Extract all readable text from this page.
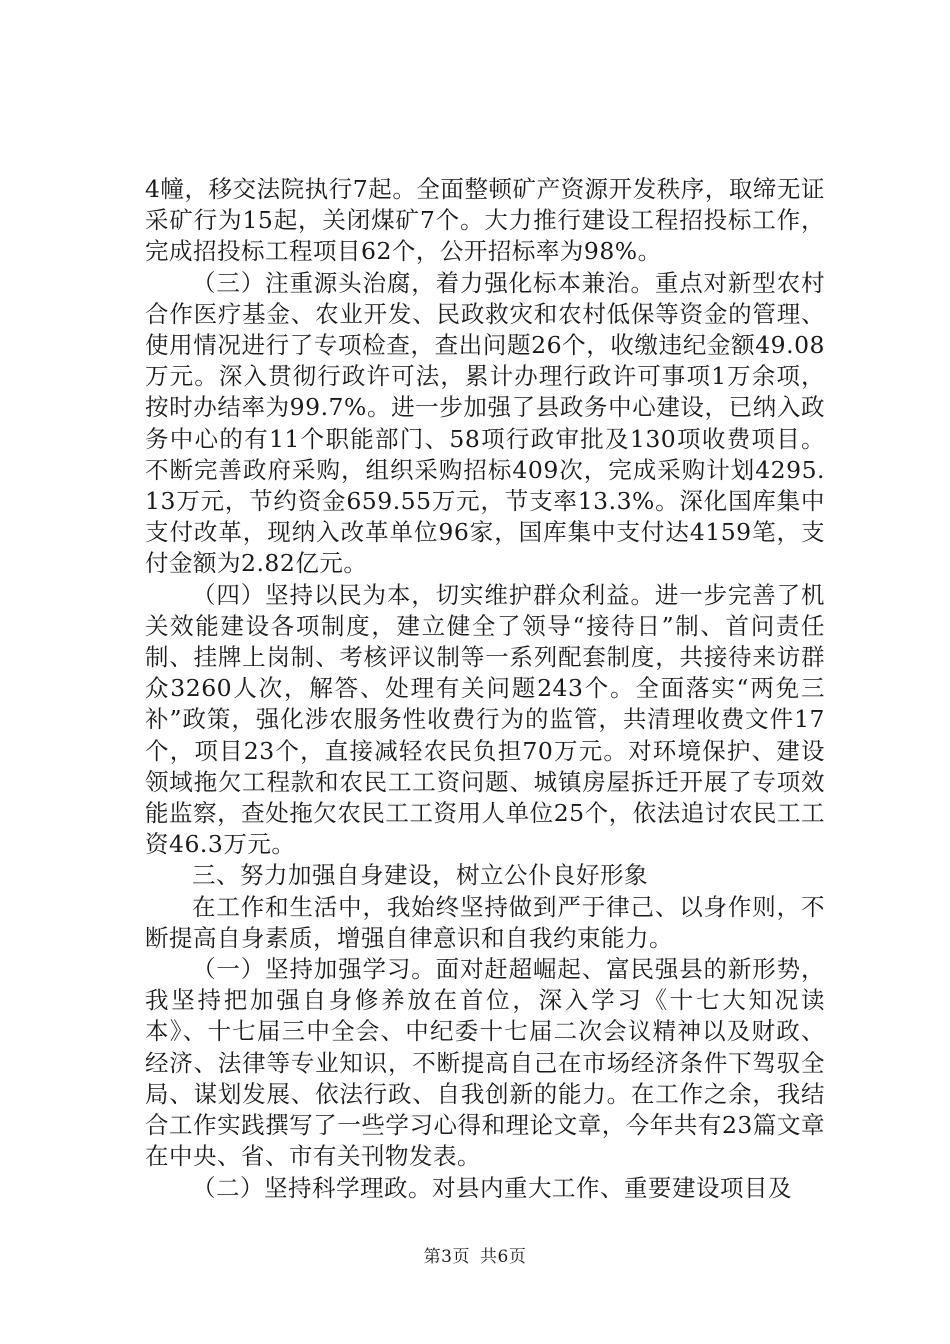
4幢，移交法院执行7起。全面整顿矿产资源开发秩序，取缔无证采矿行为15起，关闭煤矿7个。大力推行建设工程招投标工作，完成招投标工程项目62个，公开招标率为98%。

（三）注重源头治腐，着力强化标本兼治。重点对新型农村合作医疗基金、农业开发、民政救灾和农村低保等资金的管理、使用情况进行了专项检查，查出问题26个，收缴违纪金额49.08万元。深入贯彻行政许可法，累计办理行政许可事项1万余项，按时办结率为99.7%。进一步加强了县政务中心建设，已纳入政务中心的有11个职能部门、58项行政审批及130项收费项目。不断完善政府采购，组织采购招标409次，完成采购计划4295.13万元，节约资金659.55万元，节支率13.3%。深化国库集中支付改革，现纳入改革单位96家，国库集中支付达4159笔，支付金额为2.82亿元。

（四）坚持以民为本，切实维护群众利益。进一步完善了机关效能建设各项制度，建立健全了领导“接待日”制、首问责任制、挂牌上岗制、考核评议制等一系列配套制度，共接待来访群众3260人次，解答、处理有关问题243个。全面落实“两免三补”政策，强化涉农服务性收费行为的监管，共清理收费文件17个，项目23个，直接减轻农民负担70万元。对环境保护、建设领域拖欠工程款和农民工工资问题、城镇房屋拆迁开展了专项效能监察，查处拖欠农民工工资用人单位25个，依法追讨农民工工资46.3万元。

三、努力加强自身建设，树立公仆良好形象

在工作和生活中，我始终坚持做到严于律己、以身作则，不断提高自身素质，增强自律意识和自我约束能力。

（一）坚持加强学习。面对赶超崛起、富民强县的新形势，我坚持把加强自身修养放在首位，深入学习《十七大知况读本》、十七届三中全会、中纪委十七届二次会议精神以及财政、经济、法律等专业知识，不断提高自己在市场经济条件下驾驭全局、谋划发展、依法行政、自我创新的能力。在工作之余，我结合工作实践撰写了一些学习心得和理论文章，今年共有23篇文章在中央、省、市有关刊物发表。

（二）坚持科学理政。对县内重大工作、重要建设项目及

第3页 共6页
